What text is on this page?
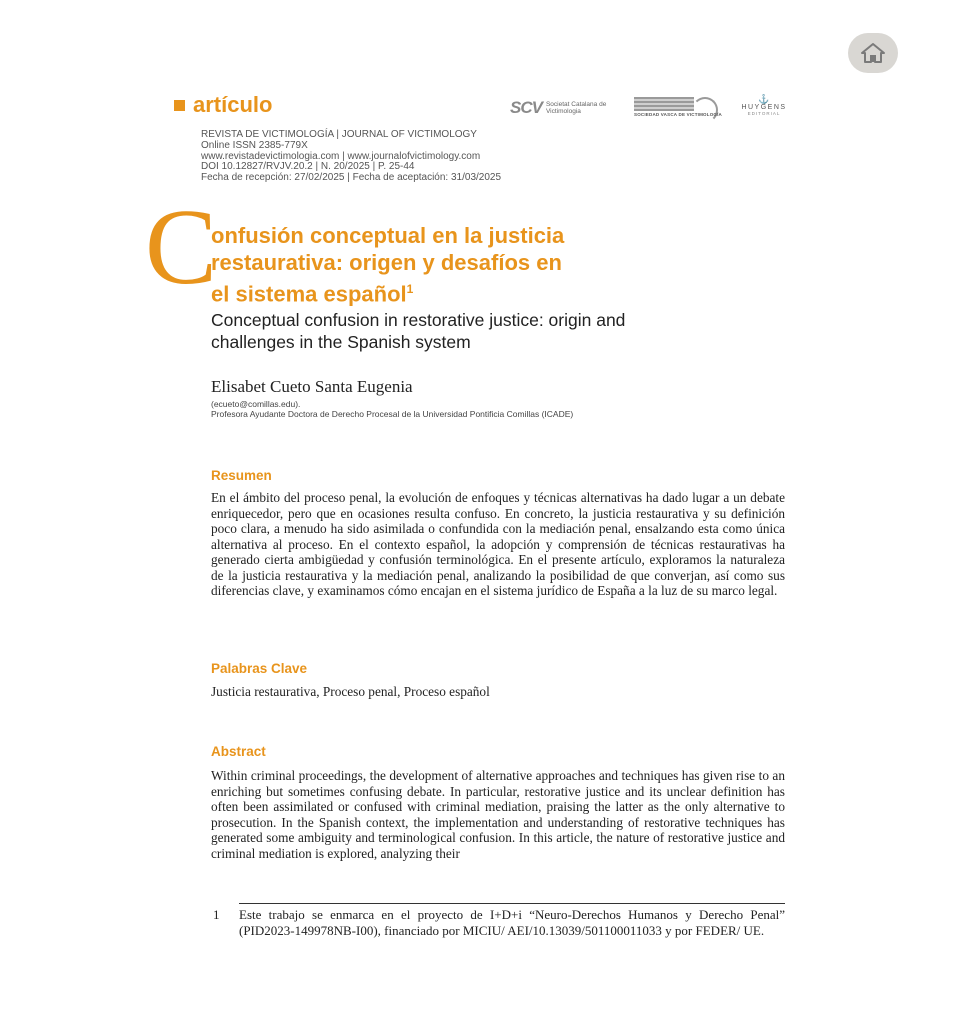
artículo	SCV Societat Catalana de Victimologia	SOCIEDAD VASCA DE VICTIMOLOGÍA
⚓
HUYGENS
EDITORIAL
REVISTA DE VICTIMOLOGÍA | JOURNAL OF VICTIMOLOGY
Online ISSN 2385-779X
www.revistadevictimologia.com | www.journalofvictimology.com
DOI 10.12827/RVJV.20.2 | N. 20/2025 | P. 25-44
Fecha de recepción: 27/02/2025 | Fecha de aceptación: 31/03/2025
C
onfusión conceptual en la justicia
restaurativa: origen y desafíos en
el sistema español$^1$
Conceptual confusion in restorative justice: origin and
challenges in the Spanish system
Elisabet Cueto Santa Eugenia
(ecueto@comillas.edu).
Profesora Ayudante Doctora de Derecho Procesal de la Universidad Pontificia Comillas (ICADE)
Resumen
En el ámbito del proceso penal, la evolución de enfoques y técnicas alternativas ha dado lugar a un debate enriquecedor, pero que en ocasiones resulta confuso. En concreto, la justicia restaurativa y su definición poco clara, a menudo ha sido asimilada o confundida con la mediación penal, ensalzando esta como única alternativa al proceso. En el contexto español, la adopción y comprensión de técnicas restaurativas ha generado cierta ambigüedad y confusión terminológica. En el presente artículo, exploramos la naturaleza de la justicia restaurativa y la mediación penal, analizando la posibilidad de que converjan, así como sus diferencias clave, y examinamos cómo encajan en el sistema jurídico de España a la luz de su marco legal.
Palabras Clave
Justicia restaurativa, Proceso penal, Proceso español
Abstract
Within criminal proceedings, the development of alternative approaches and techniques has given rise to an enriching but sometimes confusing debate. In particular, restorative justice and its unclear definition has often been assimilated or confused with criminal mediation, praising the latter as the only alternative to prosecution. In the Spanish context, the implementation and understanding of restorative techniques has generated some ambiguity and terminological confusion. In this article, the nature of restorative justice and criminal mediation is explored, analyzing their
1 Este trabajo se enmarca en el proyecto de I+D+i “Neuro-Derechos Humanos y Derecho Penal” (PID2023-149978NB-I00), financiado por MICIU/ AEI/10.13039/501100011033 y por FEDER/ UE.
